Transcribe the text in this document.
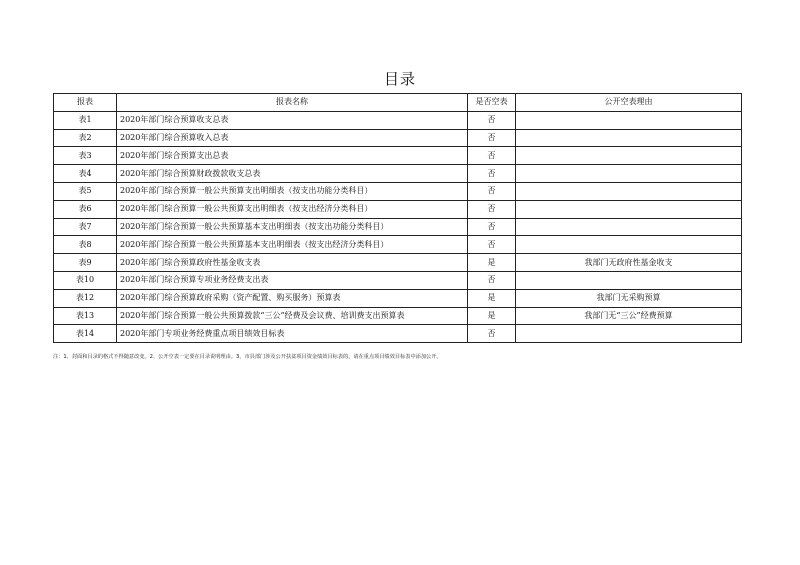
目录
报表	报表名称	是否空表	公开空表理由
表1	2020年部门综合预算收支总表	否	
表2	2020年部门综合预算收入总表	否	
表3	2020年部门综合预算支出总表	否	
表4	2020年部门综合预算财政拨款收支总表	否	
表5	2020年部门综合预算一般公共预算支出明细表（按支出功能分类科目）	否	
表6	2020年部门综合预算一般公共预算支出明细表（按支出经济分类科目）	否	
表7	2020年部门综合预算一般公共预算基本支出明细表（按支出功能分类科目）	否	
表8	2020年部门综合预算一般公共预算基本支出明细表（按支出经济分类科目）	否	
表9	2020年部门综合预算政府性基金收支表	是	我部门无政府性基金收支
表10	2020年部门综合预算专项业务经费支出表	否	
表12	2020年部门综合预算政府采购（资产配置、购买服务）预算表	是	我部门无采购预算
表13	2020年部门综合预算一般公共预算拨款“三公”经费及会议费、培训费支出预算表	是	我部门无“三公”经费预算
表14	2020年部门专项业务经费重点项目绩效目标表	否	
注：1、封面和目录的格式不得随意改变。2、公开空表一定要在目录说明理由。3、市县部门涉及公开扶贫项目资金绩效目标表的，请在重点项目绩效目标表中添加公开。
